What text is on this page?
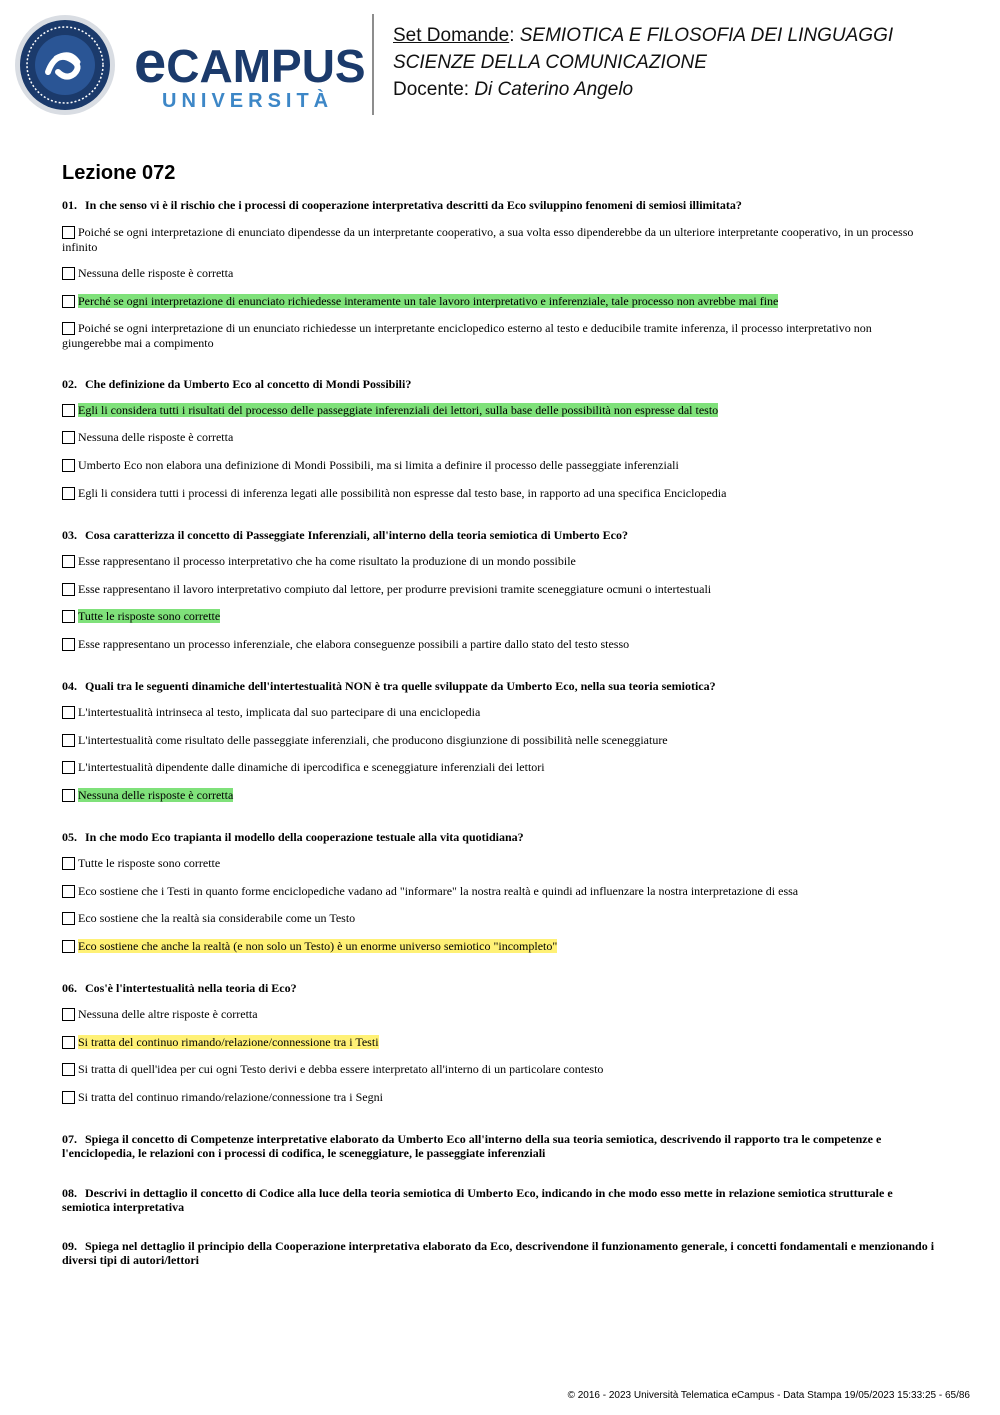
eCAMPUS
UNIVERSITÀ
Set Domande: SEMIOTICA E FILOSOFIA DEI LINGUAGGI
SCIENZE DELLA COMUNICAZIONE
Docente: Di Caterino Angelo
Lezione 072
01. In che senso vi è il rischio che i processi di cooperazione interpretativa descritti da Eco sviluppino fenomeni di semiosi illimitata?
Poiché se ogni interpretazione di enunciato dipendesse da un interpretante cooperativo, a sua volta esso dipenderebbe da un ulteriore interpretante cooperativo, in un processo infinito
Nessuna delle risposte è corretta
Perché se ogni interpretazione di enunciato richiedesse interamente un tale lavoro interpretativo e inferenziale, tale processo non avrebbe mai fine
Poiché se ogni interpretazione di un enunciato richiedesse un interpretante enciclopedico esterno al testo e deducibile tramite inferenza, il processo interpretativo non giungerebbe mai a compimento
02. Che definizione da Umberto Eco al concetto di Mondi Possibili?
Egli li considera tutti i risultati del processo delle passeggiate inferenziali dei lettori, sulla base delle possibilità non espresse dal testo
Nessuna delle risposte è corretta
Umberto Eco non elabora una definizione di Mondi Possibili, ma si limita a definire il processo delle passeggiate inferenziali
Egli li considera tutti i processi di inferenza legati alle possibilità non espresse dal testo base, in rapporto ad una specifica Enciclopedia
03. Cosa caratterizza il concetto di Passeggiate Inferenziali, all'interno della teoria semiotica di Umberto Eco?
Esse rappresentano il processo interpretativo che ha come risultato la produzione di un mondo possibile
Esse rappresentano il lavoro interpretativo compiuto dal lettore, per produrre previsioni tramite sceneggiature ocmuni o intertestuali
Tutte le risposte sono corrette
Esse rappresentano un processo inferenziale, che elabora conseguenze possibili a partire dallo stato del testo stesso
04. Quali tra le seguenti dinamiche dell'intertestualità NON è tra quelle sviluppate da Umberto Eco, nella sua teoria semiotica?
L'intertestualità intrinseca al testo, implicata dal suo partecipare di una enciclopedia
L'intertestualità come risultato delle passeggiate inferenziali, che producono disgiunzione di possibilità nelle sceneggiature
L'intertestualità dipendente dalle dinamiche di ipercodifica e sceneggiature inferenziali dei lettori
Nessuna delle risposte è corretta
05. In che modo Eco trapianta il modello della cooperazione testuale alla vita quotidiana?
Tutte le risposte sono corrette
Eco sostiene che i Testi in quanto forme enciclopediche vadano ad "informare" la nostra realtà e quindi ad influenzare la nostra interpretazione di essa
Eco sostiene che la realtà sia considerabile come un Testo
Eco sostiene che anche la realtà (e non solo un Testo) è un enorme universo semiotico "incompleto"
06. Cos'è l'intertestualità nella teoria di Eco?
Nessuna delle altre risposte è corretta
Si tratta del continuo rimando/relazione/connessione tra i Testi
Si tratta di quell'idea per cui ogni Testo derivi e debba essere interpretato all'interno di un particolare contesto
Si tratta del continuo rimando/relazione/connessione tra i Segni
07. Spiega il concetto di Competenze interpretative elaborato da Umberto Eco all'interno della sua teoria semiotica, descrivendo il rapporto tra le competenze e l'enciclopedia, le relazioni con i processi di codifica, le sceneggiature, le passeggiate inferenziali
08. Descrivi in dettaglio il concetto di Codice alla luce della teoria semiotica di Umberto Eco, indicando in che modo esso mette in relazione semiotica strutturale e semiotica interpretativa
09. Spiega nel dettaglio il principio della Cooperazione interpretativa elaborato da Eco, descrivendone il funzionamento generale, i concetti fondamentali e menzionando i diversi tipi di autori/lettori
© 2016 - 2023 Università Telematica eCampus - Data Stampa 19/05/2023 15:33:25 - 65/86
